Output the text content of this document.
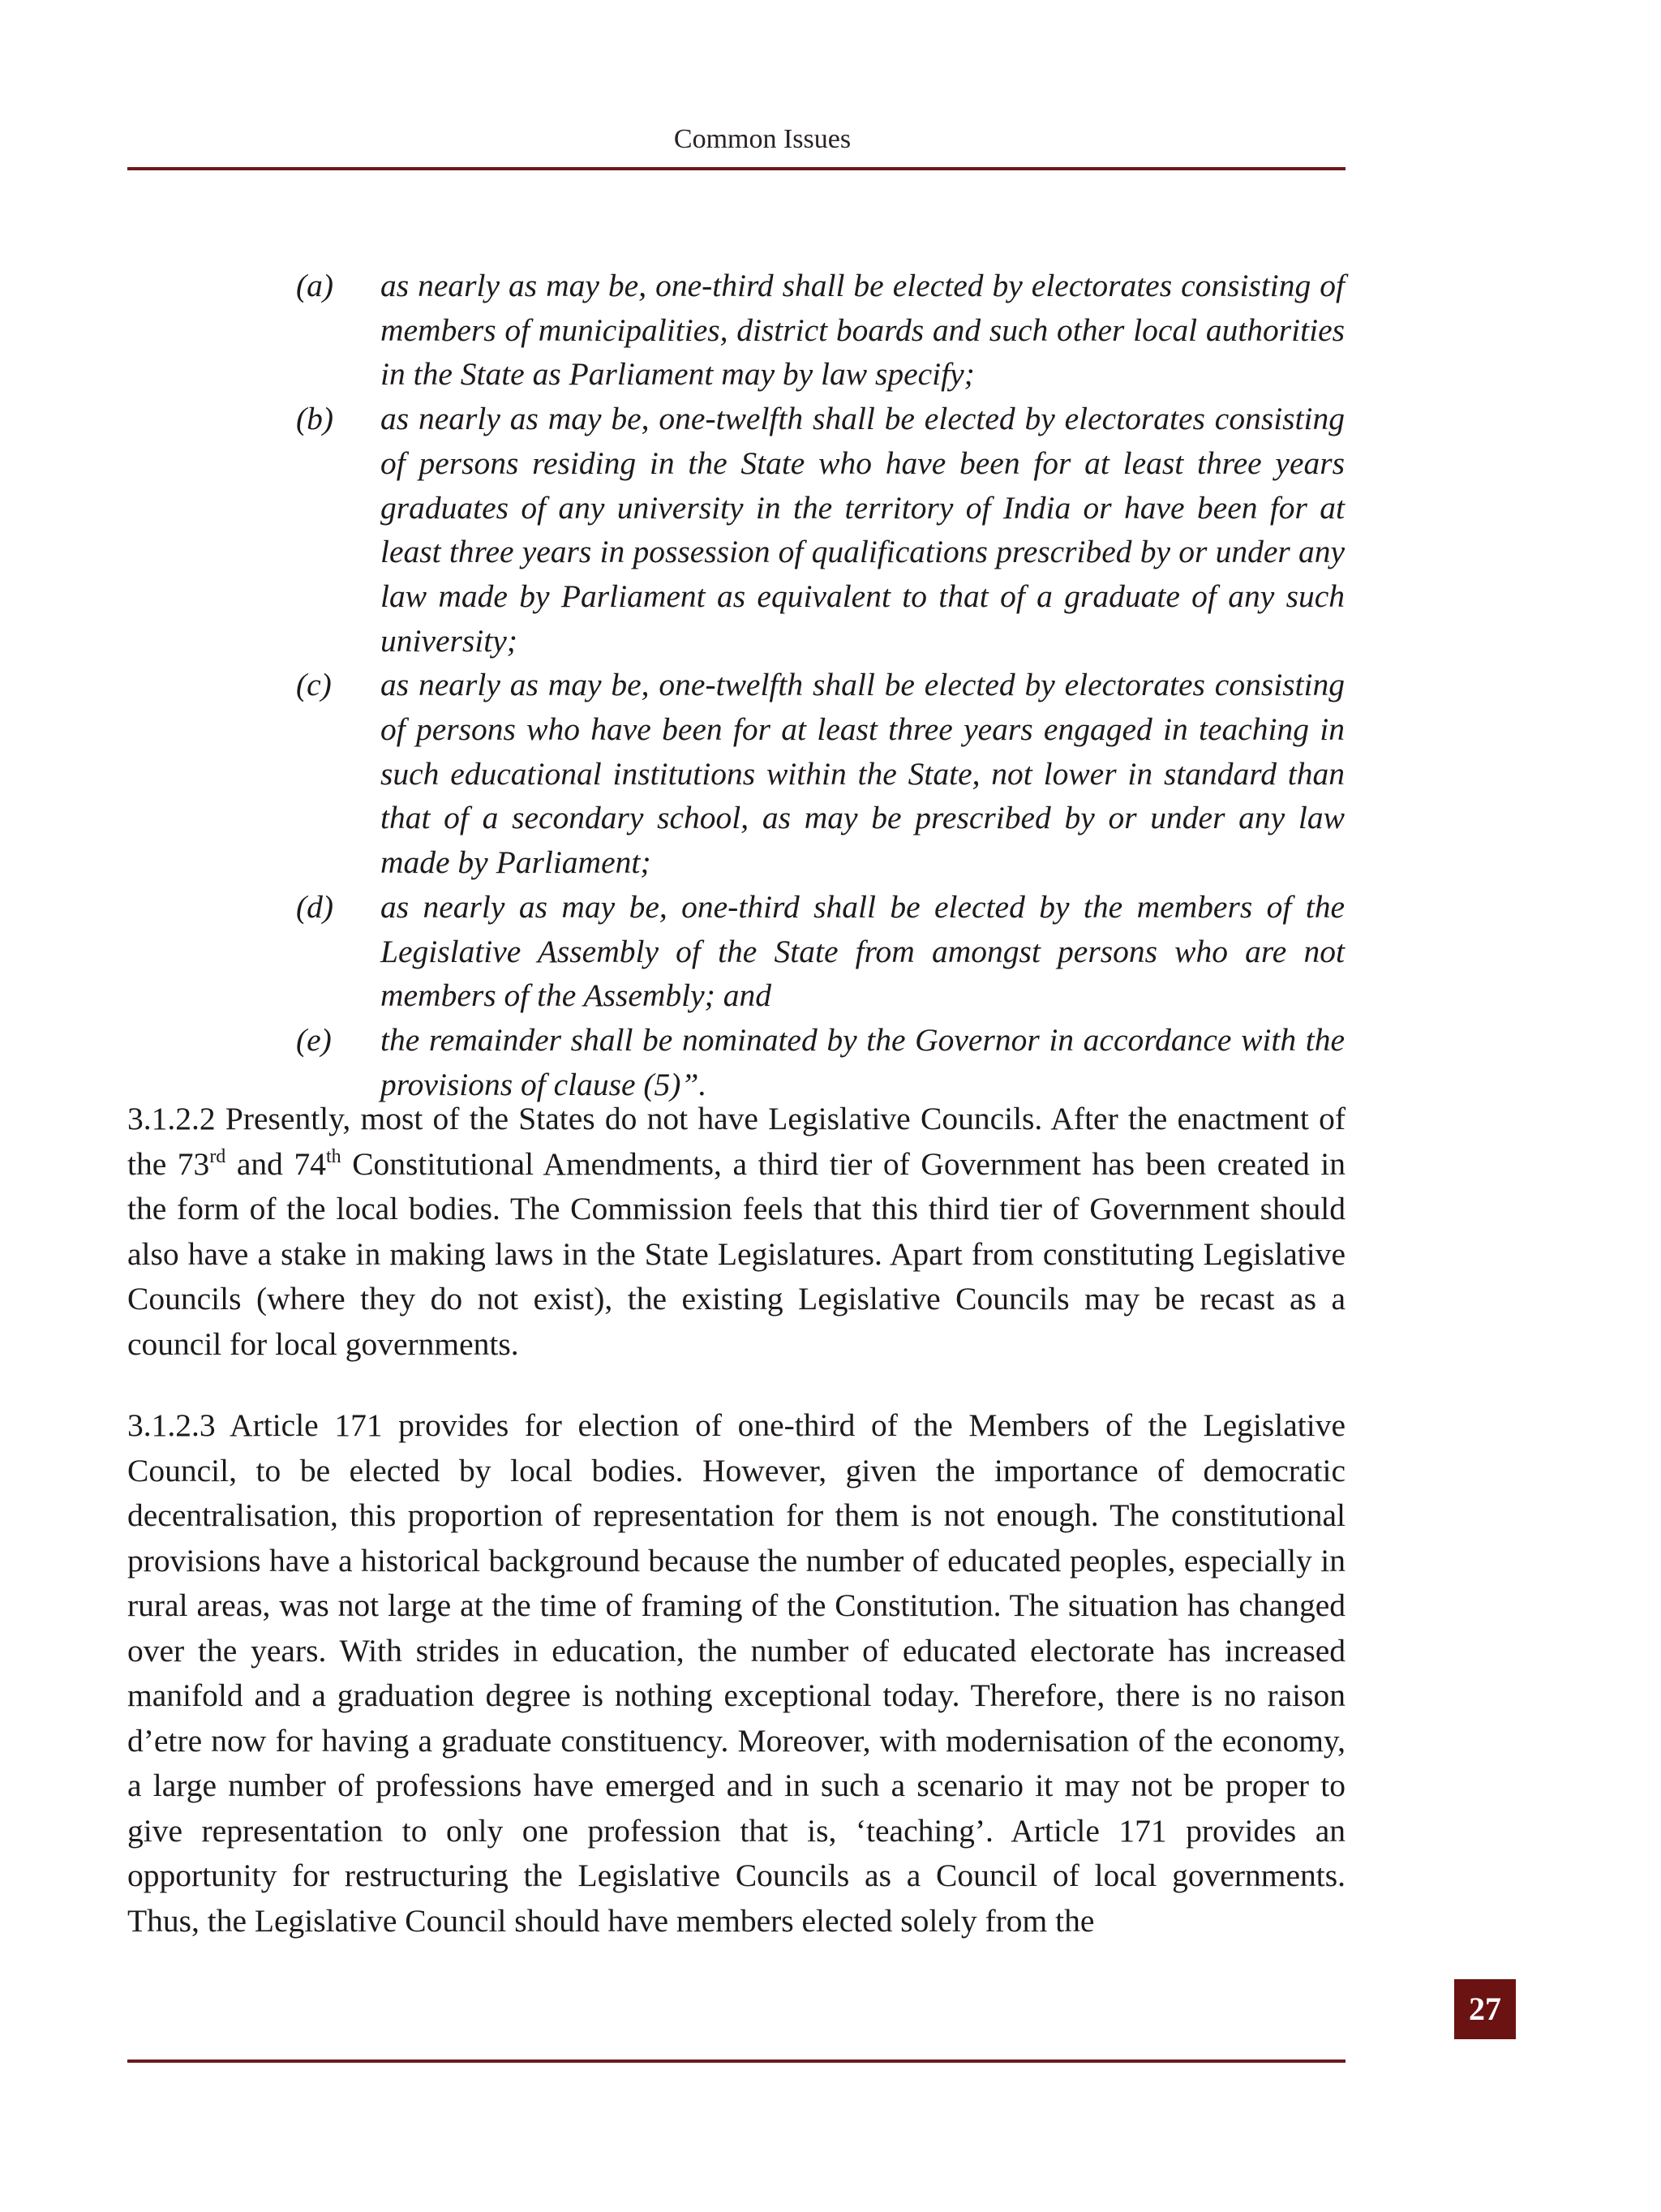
Common Issues
(a) as nearly as may be, one-third shall be elected by electorates consisting of members of municipalities, district boards and such other local authorities in the State as Parliament may by law specify;
(b) as nearly as may be, one-twelfth shall be elected by electorates consisting of persons residing in the State who have been for at least three years graduates of any university in the territory of India or have been for at least three years in possession of qualifications prescribed by or under any law made by Parliament as equivalent to that of a graduate of any such university;
(c) as nearly as may be, one-twelfth shall be elected by electorates consisting of persons who have been for at least three years engaged in teaching in such educational institutions within the State, not lower in standard than that of a secondary school, as may be prescribed by or under any law made by Parliament;
(d) as nearly as may be, one-third shall be elected by the members of the Legislative Assembly of the State from amongst persons who are not members of the Assembly; and
(e) the remainder shall be nominated by the Governor in accordance with the provisions of clause (5)”.
3.1.2.2 Presently, most of the States do not have Legislative Councils. After the enactment of the 73rd and 74th Constitutional Amendments, a third tier of Government has been created in the form of the local bodies. The Commission feels that this third tier of Government should also have a stake in making laws in the State Legislatures. Apart from constituting Legislative Councils (where they do not exist), the existing Legislative Councils may be recast as a council for local governments.
3.1.2.3 Article 171 provides for election of one-third of the Members of the Legislative Council, to be elected by local bodies. However, given the importance of democratic decentralisation, this proportion of representation for them is not enough. The constitutional provisions have a historical background because the number of educated peoples, especially in rural areas, was not large at the time of framing of the Constitution. The situation has changed over the years. With strides in education, the number of educated electorate has increased manifold and a graduation degree is nothing exceptional today. Therefore, there is no raison d’etre now for having a graduate constituency. Moreover, with modernisation of the economy, a large number of professions have emerged and in such a scenario it may not be proper to give representation to only one profession that is, ‘teaching’. Article 171 provides an opportunity for restructuring the Legislative Councils as a Council of local governments. Thus, the Legislative Council should have members elected solely from the
27
